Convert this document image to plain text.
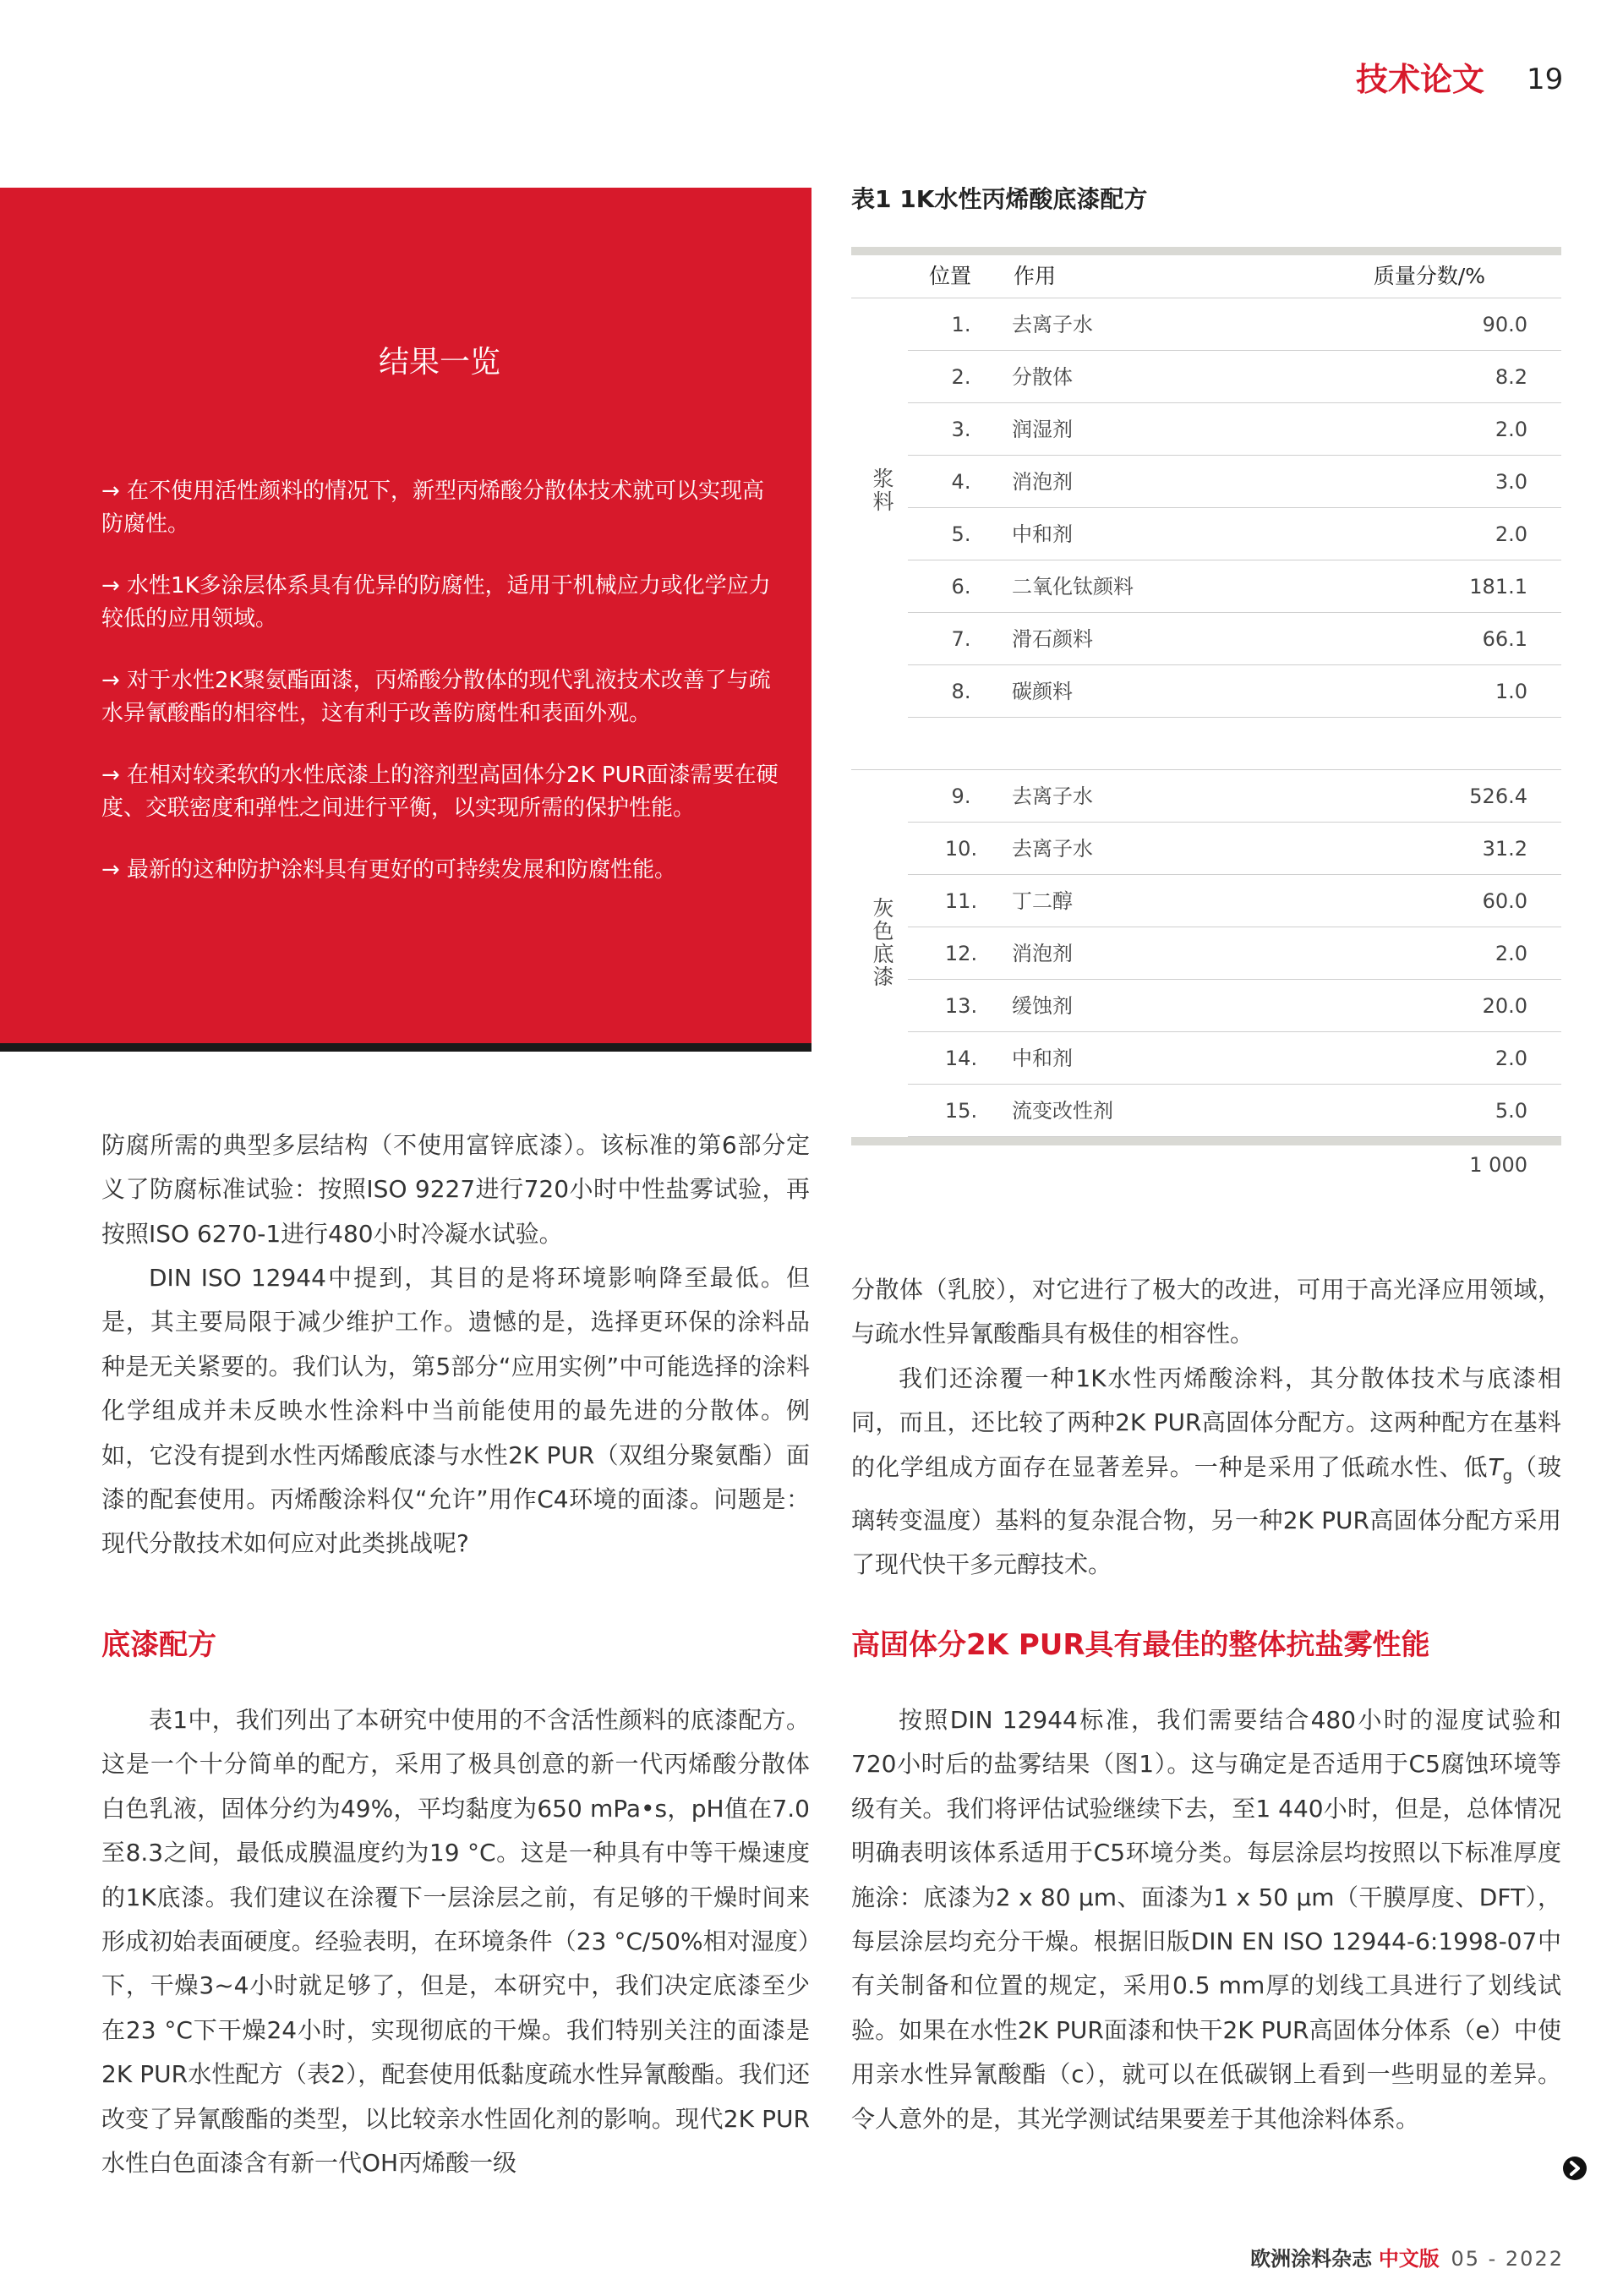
技术论文 19
结果一览

→ 在不使用活性颜料的情况下，新型丙烯酸分散体技术就可以实现高防腐性。

→ 水性1K多涂层体系具有优异的防腐性，适用于机械应力或化学应力较低的应用领域。

→ 对于水性2K聚氨酯面漆，丙烯酸分散体的现代乳液技术改善了与疏水异氰酸酯的相容性，这有利于改善防腐性和表面外观。

→ 在相对较柔软的水性底漆上的溶剂型高固体分2K PUR面漆需要在硬度、交联密度和弹性之间进行平衡，以实现所需的保护性能。

→ 最新的这种防护涂料具有更好的可持续发展和防腐性能。

表1 1K水性丙烯酸底漆配方
位置 作用	质量分数/%
浆料
1.	去离子水	90.0
2.	分散体	8.2
3.	润湿剂	2.0
4.	消泡剂	3.0
5.	中和剂	2.0
6.	二氧化钛颜料	181.1
7.	滑石颜料	66.1
8.	碳颜料	1.0
灰色底漆
9.	去离子水	526.4
10.	去离子水	31.2
11.	丁二醇	60.0
12.	消泡剂	2.0
13.	缓蚀剂	20.0
14.	中和剂	2.0
15.	流变改性剂	5.0
1 000

防腐所需的典型多层结构（不使用富锌底漆）。该标准的第6部分定义了防腐标准试验：按照ISO 9227进行720小时中性盐雾试验，再按照ISO 6270-1进行480小时冷凝水试验。

DIN ISO 12944中提到，其目的是将环境影响降至最低。但是，其主要局限于减少维护工作。遗憾的是，选择更环保的涂料品种是无关紧要的。我们认为，第5部分“应用实例”中可能选择的涂料化学组成并未反映水性涂料中当前能使用的最先进的分散体。例如，它没有提到水性丙烯酸底漆与水性2K PUR（双组分聚氨酯）面漆的配套使用。丙烯酸涂料仅“允许”用作C4环境的面漆。问题是：现代分散技术如何应对此类挑战呢?

底漆配方

表1中，我们列出了本研究中使用的不含活性颜料的底漆配方。这是一个十分简单的配方，采用了极具创意的新一代丙烯酸分散体白色乳液，固体分约为49%，平均黏度为650 mPa•s，pH值在7.0至8.3之间，最低成膜温度约为19 °C。这是一种具有中等干燥速度的1K底漆。我们建议在涂覆下一层涂层之前，有足够的干燥时间来形成初始表面硬度。经验表明，在环境条件（23 °C/50%相对湿度）下，干燥3~4小时就足够了，但是，本研究中，我们决定底漆至少在23 °C下干燥24小时，实现彻底的干燥。我们特别关注的面漆是2K PUR水性配方（表2），配套使用低黏度疏水性异氰酸酯。我们还改变了异氰酸酯的类型，以比较亲水性固化剂的影响。现代2K PUR水性白色面漆含有新一代OH丙烯酸一级

分散体（乳胶），对它进行了极大的改进，可用于高光泽应用领域，与疏水性异氰酸酯具有极佳的相容性。

我们还涂覆一种1K水性丙烯酸涂料，其分散体技术与底漆相同，而且，还比较了两种2K PUR高固体分配方。这两种配方在基料的化学组成方面存在显著差异。一种是采用了低疏水性、低$T_g$（玻璃转变温度）基料的复杂混合物，另一种2K PUR高固体分配方采用了现代快干多元醇技术。

高固体分2K PUR具有最佳的整体抗盐雾性能

按照DIN 12944标准，我们需要结合480小时的湿度试验和720小时后的盐雾结果（图1）。这与确定是否适用于C5腐蚀环境等级有关。我们将评估试验继续下去，至1 440小时，但是，总体情况明确表明该体系适用于C5环境分类。每层涂层均按照以下标准厚度施涂：底漆为2 x 80 μm、面漆为1 x 50 μm（干膜厚度、DFT），每层涂层均充分干燥。根据旧版DIN EN ISO 12944-6:1998-07中有关制备和位置的规定，采用0.5 mm厚的划线工具进行了划线试验。如果在水性2K PUR面漆和快干2K PUR高固体分体系（e）中使用亲水性异氰酸酯（c），就可以在低碳钢上看到一些明显的差异。令人意外的是，其光学测试结果要差于其他涂料体系。

欧洲涂料杂志 中文版 05 - 2022
